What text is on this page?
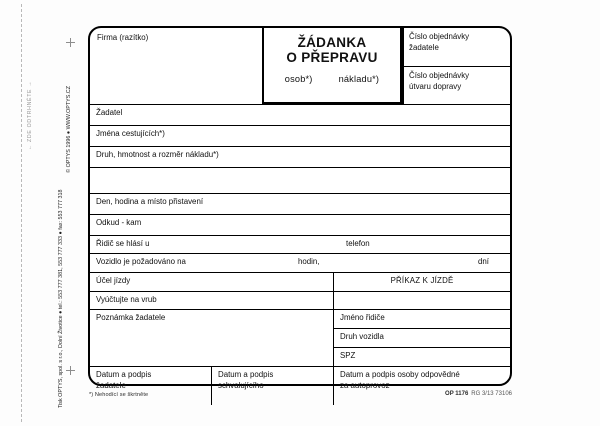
← ZDE ODTRHNĚTE →
Tisk OPTYS, spol. s r.o., Dolní Životice ● tel.: 553 777 381, 553 777 333 ● fax: 553 777 318
© OPTYS 1996 ● WWW.OPTYS.CZ
Firma (razítko)	ŽÁDANKA
O PŘEPRAVU
osob*)	nákladu*)
Číslo objednávky
žadatele
Číslo objednávky
útvaru dopravy
Žadatel
Jména cestujících*)
Druh, hmotnost a rozměr nákladu*)
Den, hodina a místo přistavení
Odkud - kam
Řidič se hlásí u	telefon
Vozidlo je požadováno na	hodin,	dní
Účel jízdy	PŘÍKAZ K JÍZDĚ
Vyúčtujte na vrub
Poznámka žadatele	Jméno řidiče
Druh vozidla
SPZ
Datum a podpis
žadatele
Datum a podpis
schvalujícího
Datum a podpis osoby odpovědné
za autoprovoz
*) Nehodící se škrtněte	OP 1176 RG 3/13 73106
